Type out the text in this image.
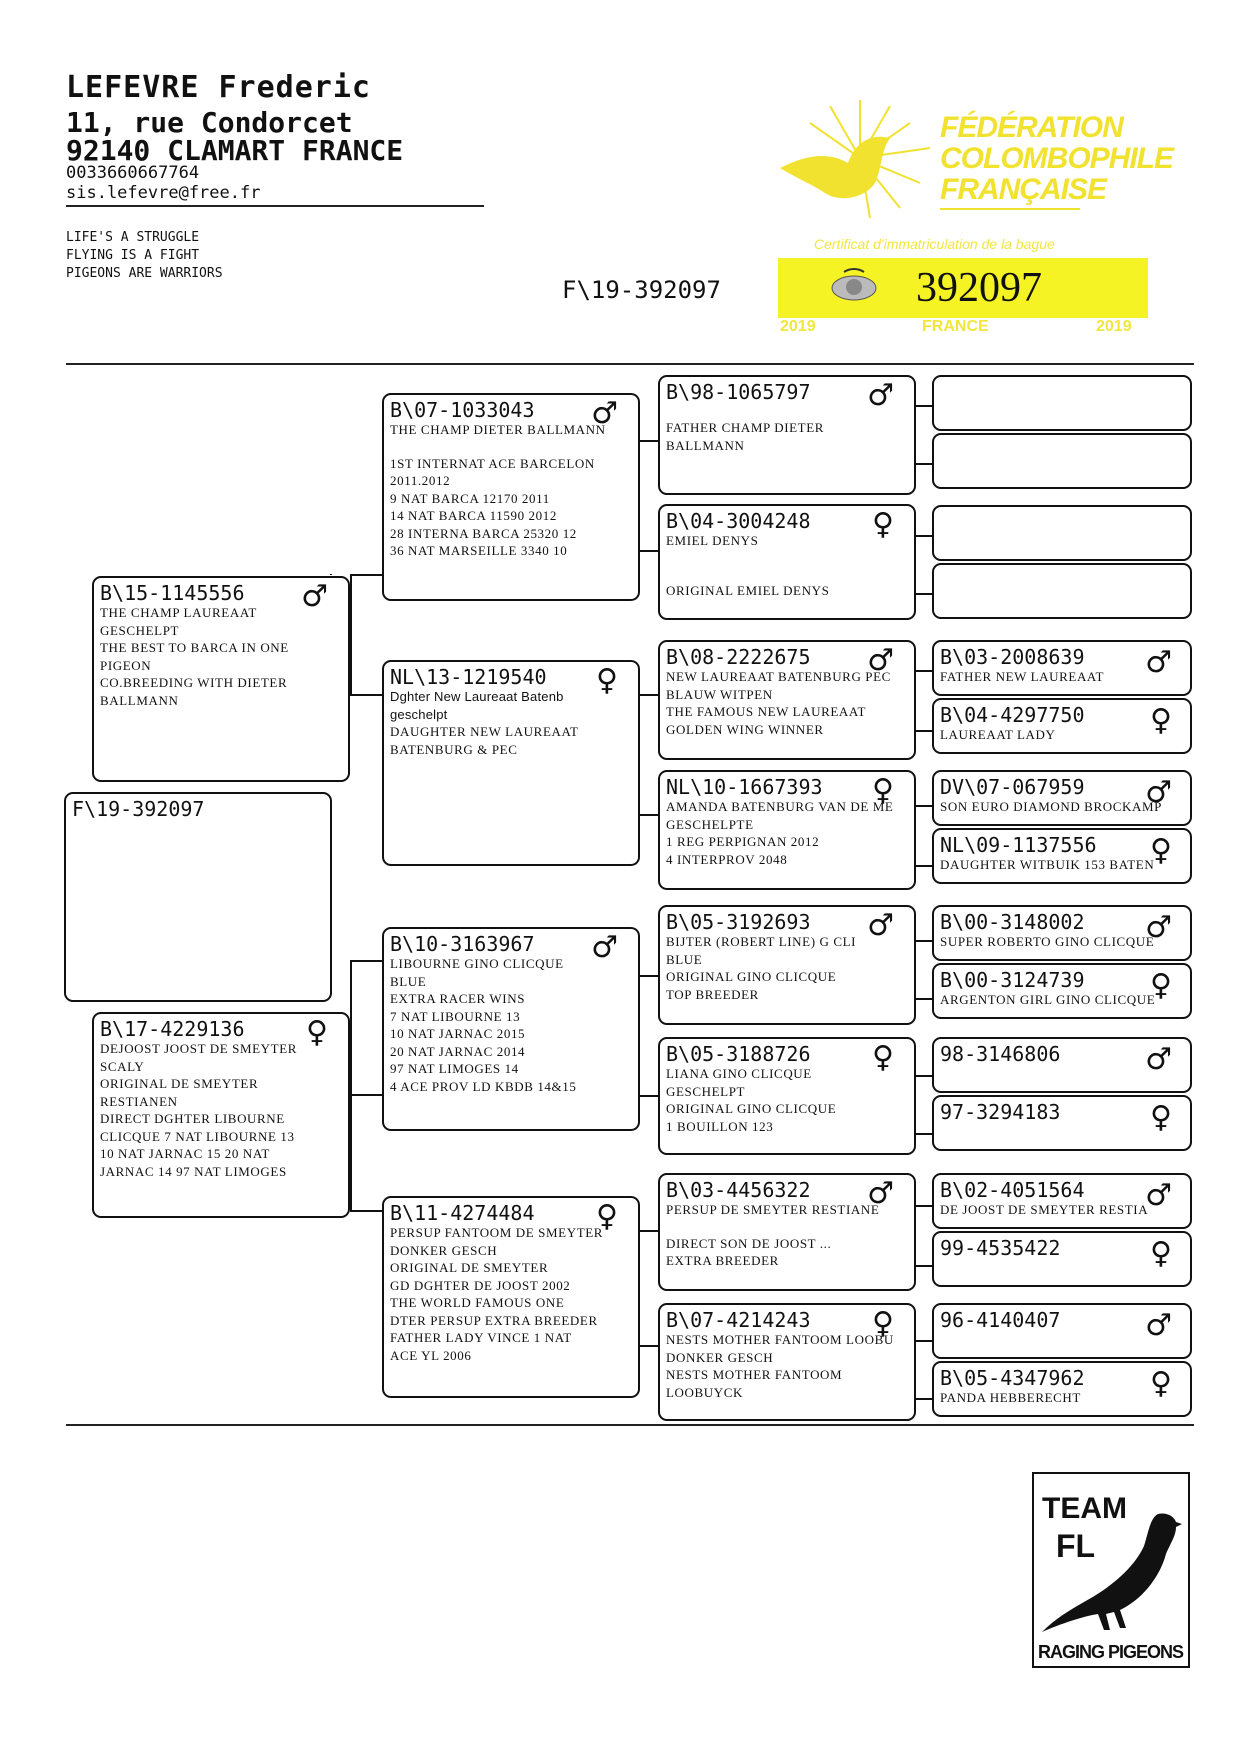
LEFEVRE Frederic
11, rue Condorcet
92140 CLAMART FRANCE
0033660667764
sis.lefevre@free.fr
LIFE'S A STRUGGLE
FLYING IS A FIGHT
PIGEONS ARE WARRIORS
F\19-392097
FÉDÉRATION
COLOMBOPHILE
FRANÇAISE
Certificat d'immatriculation de la bague
392097
2019	FRANCE	2019
F\19-392097
B\15-1145556	♂
THE CHAMP LAUREAAT
GESCHELPT
THE BEST TO BARCA IN ONE
PIGEON
CO.BREEDING WITH DIETER
BALLMANN
B\17-4229136	♀
DEJOOST JOOST DE SMEYTER
SCALY
ORIGINAL DE SMEYTER
RESTIANEN
DIRECT DGHTER LIBOURNE
CLICQUE 7 NAT LIBOURNE 13
10 NAT JARNAC 15 20 NAT
JARNAC 14 97 NAT LIMOGES
B\07-1033043	♂
THE CHAMP DIETER BALLMANN
1ST INTERNAT ACE BARCELON
2011.2012
9 NAT BARCA 12170 2011
14 NAT BARCA 11590 2012
28 INTERNA BARCA 25320 12
36 NAT MARSEILLE 3340 10
NL\13-1219540	♀
Dghter New Laureaat Batenb
geschelpt
DAUGHTER NEW LAUREAAT
BATENBURG & PEC
B\10-3163967	♂
LIBOURNE GINO CLICQUE
BLUE
EXTRA RACER WINS
7 NAT LIBOURNE 13
10 NAT JARNAC 2015
20 NAT JARNAC 2014
97 NAT LIMOGES 14
4 ACE PROV LD KBDB 14&15
B\11-4274484	♀
PERSUP FANTOOM DE SMEYTER
DONKER GESCH
ORIGINAL DE SMEYTER
GD DGHTER DE JOOST 2002
THE WORLD FAMOUS ONE
DTER PERSUP EXTRA BREEDER
FATHER LADY VINCE 1 NAT
ACE YL 2006
B\98-1065797	♂
FATHER CHAMP DIETER
BALLMANN
B\04-3004248	♀
EMIEL DENYS
ORIGINAL EMIEL DENYS
B\08-2222675	♂
NEW LAUREAAT BATENBURG PEC
BLAUW WITPEN
THE FAMOUS NEW LAUREAAT
GOLDEN WING WINNER
NL\10-1667393	♀
AMANDA BATENBURG VAN DE ME
GESCHELPTE
1 REG PERPIGNAN 2012
4 INTERPROV 2048
B\05-3192693	♂
BIJTER (ROBERT LINE) G CLI
BLUE
ORIGINAL GINO CLICQUE
TOP BREEDER
B\05-3188726	♀
LIANA GINO CLICQUE
GESCHELPT
ORIGINAL GINO CLICQUE
1 BOUILLON 123
B\03-4456322	♂
PERSUP DE SMEYTER RESTIANE
DIRECT SON DE JOOST ...
EXTRA BREEDER
B\07-4214243	♀
NESTS MOTHER FANTOOM LOOBU
DONKER GESCH
NESTS MOTHER FANTOOM
LOOBUYCK
B\03-2008639	♂
FATHER NEW LAUREAAT
B\04-4297750	♀
LAUREAAT LADY
DV\07-067959	♂
SON EURO DIAMOND BROCKAMP
NL\09-1137556	♀
DAUGHTER WITBUIK 153 BATEN
B\00-3148002	♂
SUPER ROBERTO GINO CLICQUE
B\00-3124739	♀
ARGENTON GIRL GINO CLICQUE
98-3146806	♂
97-3294183	♀
B\02-4051564	♂
DE JOOST DE SMEYTER RESTIA
99-4535422	♀
96-4140407	♂
B\05-4347962	♀
PANDA HEBBERECHT
TEAM
FL
RAGING PIGEONS
